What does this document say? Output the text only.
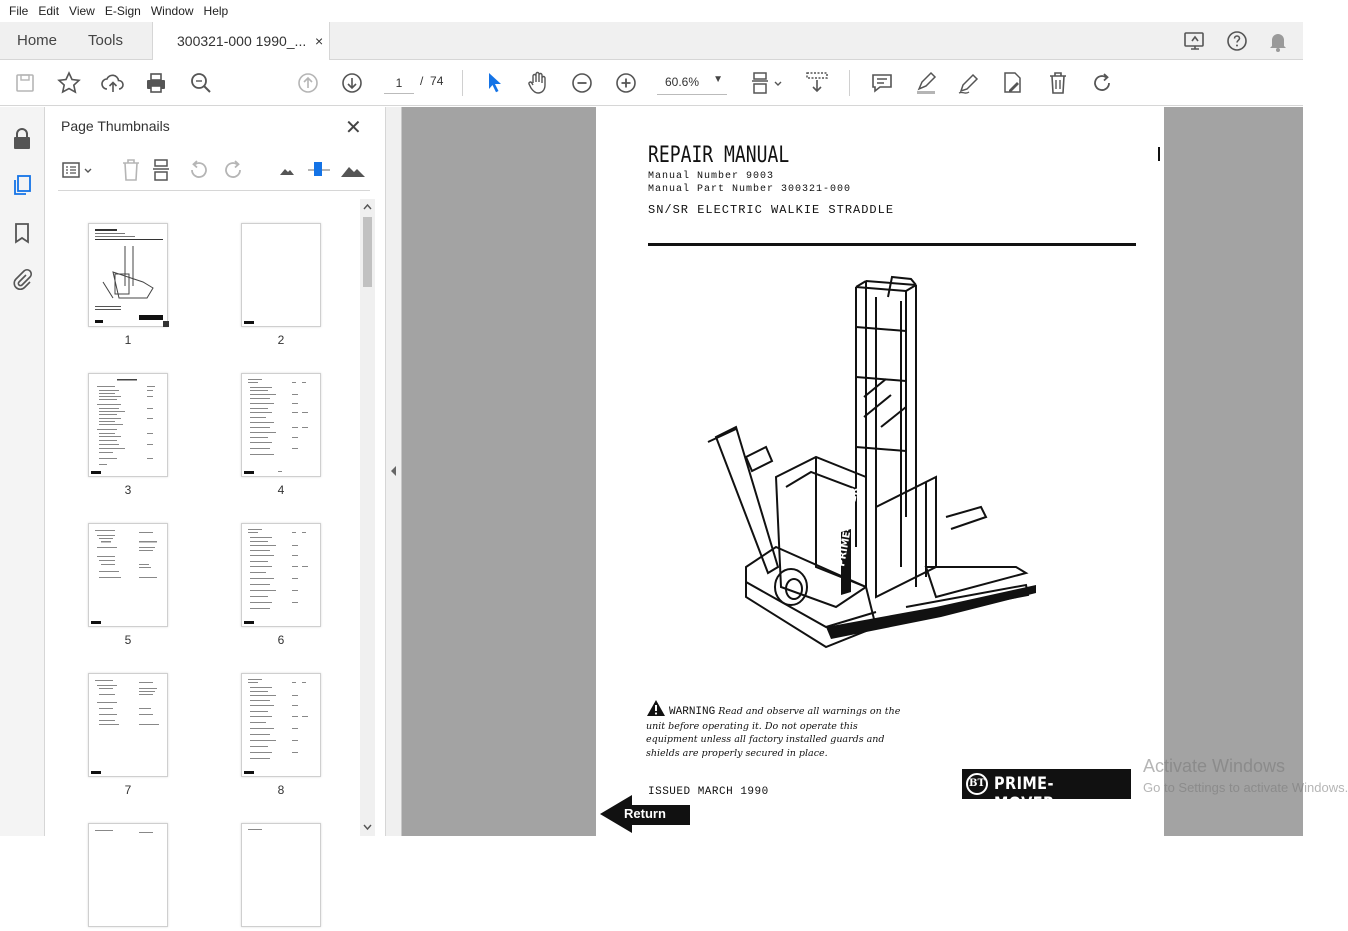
File Edit View E-Sign Window Help
Home Tools	300321-000 1990_... ×
1
/ 74	60.6% ▼
Page Thumbnails	✕
1	2
3	4
5	6
7	8
REPAIR MANUAL
Manual Number 9003
Manual Part Number 300321-000
SN/SR ELECTRIC WALKIE STRADDLE
PRIME-MOVER
WARNING Read and observe all warnings on the unit before operating it. Do not operate this equipment unless all factory installed guards and shields are properly secured in place.
ISSUED MARCH 1990
BT PRIME-MOVER
Return
Activate Windows
Go to Settings to activate Windows.
